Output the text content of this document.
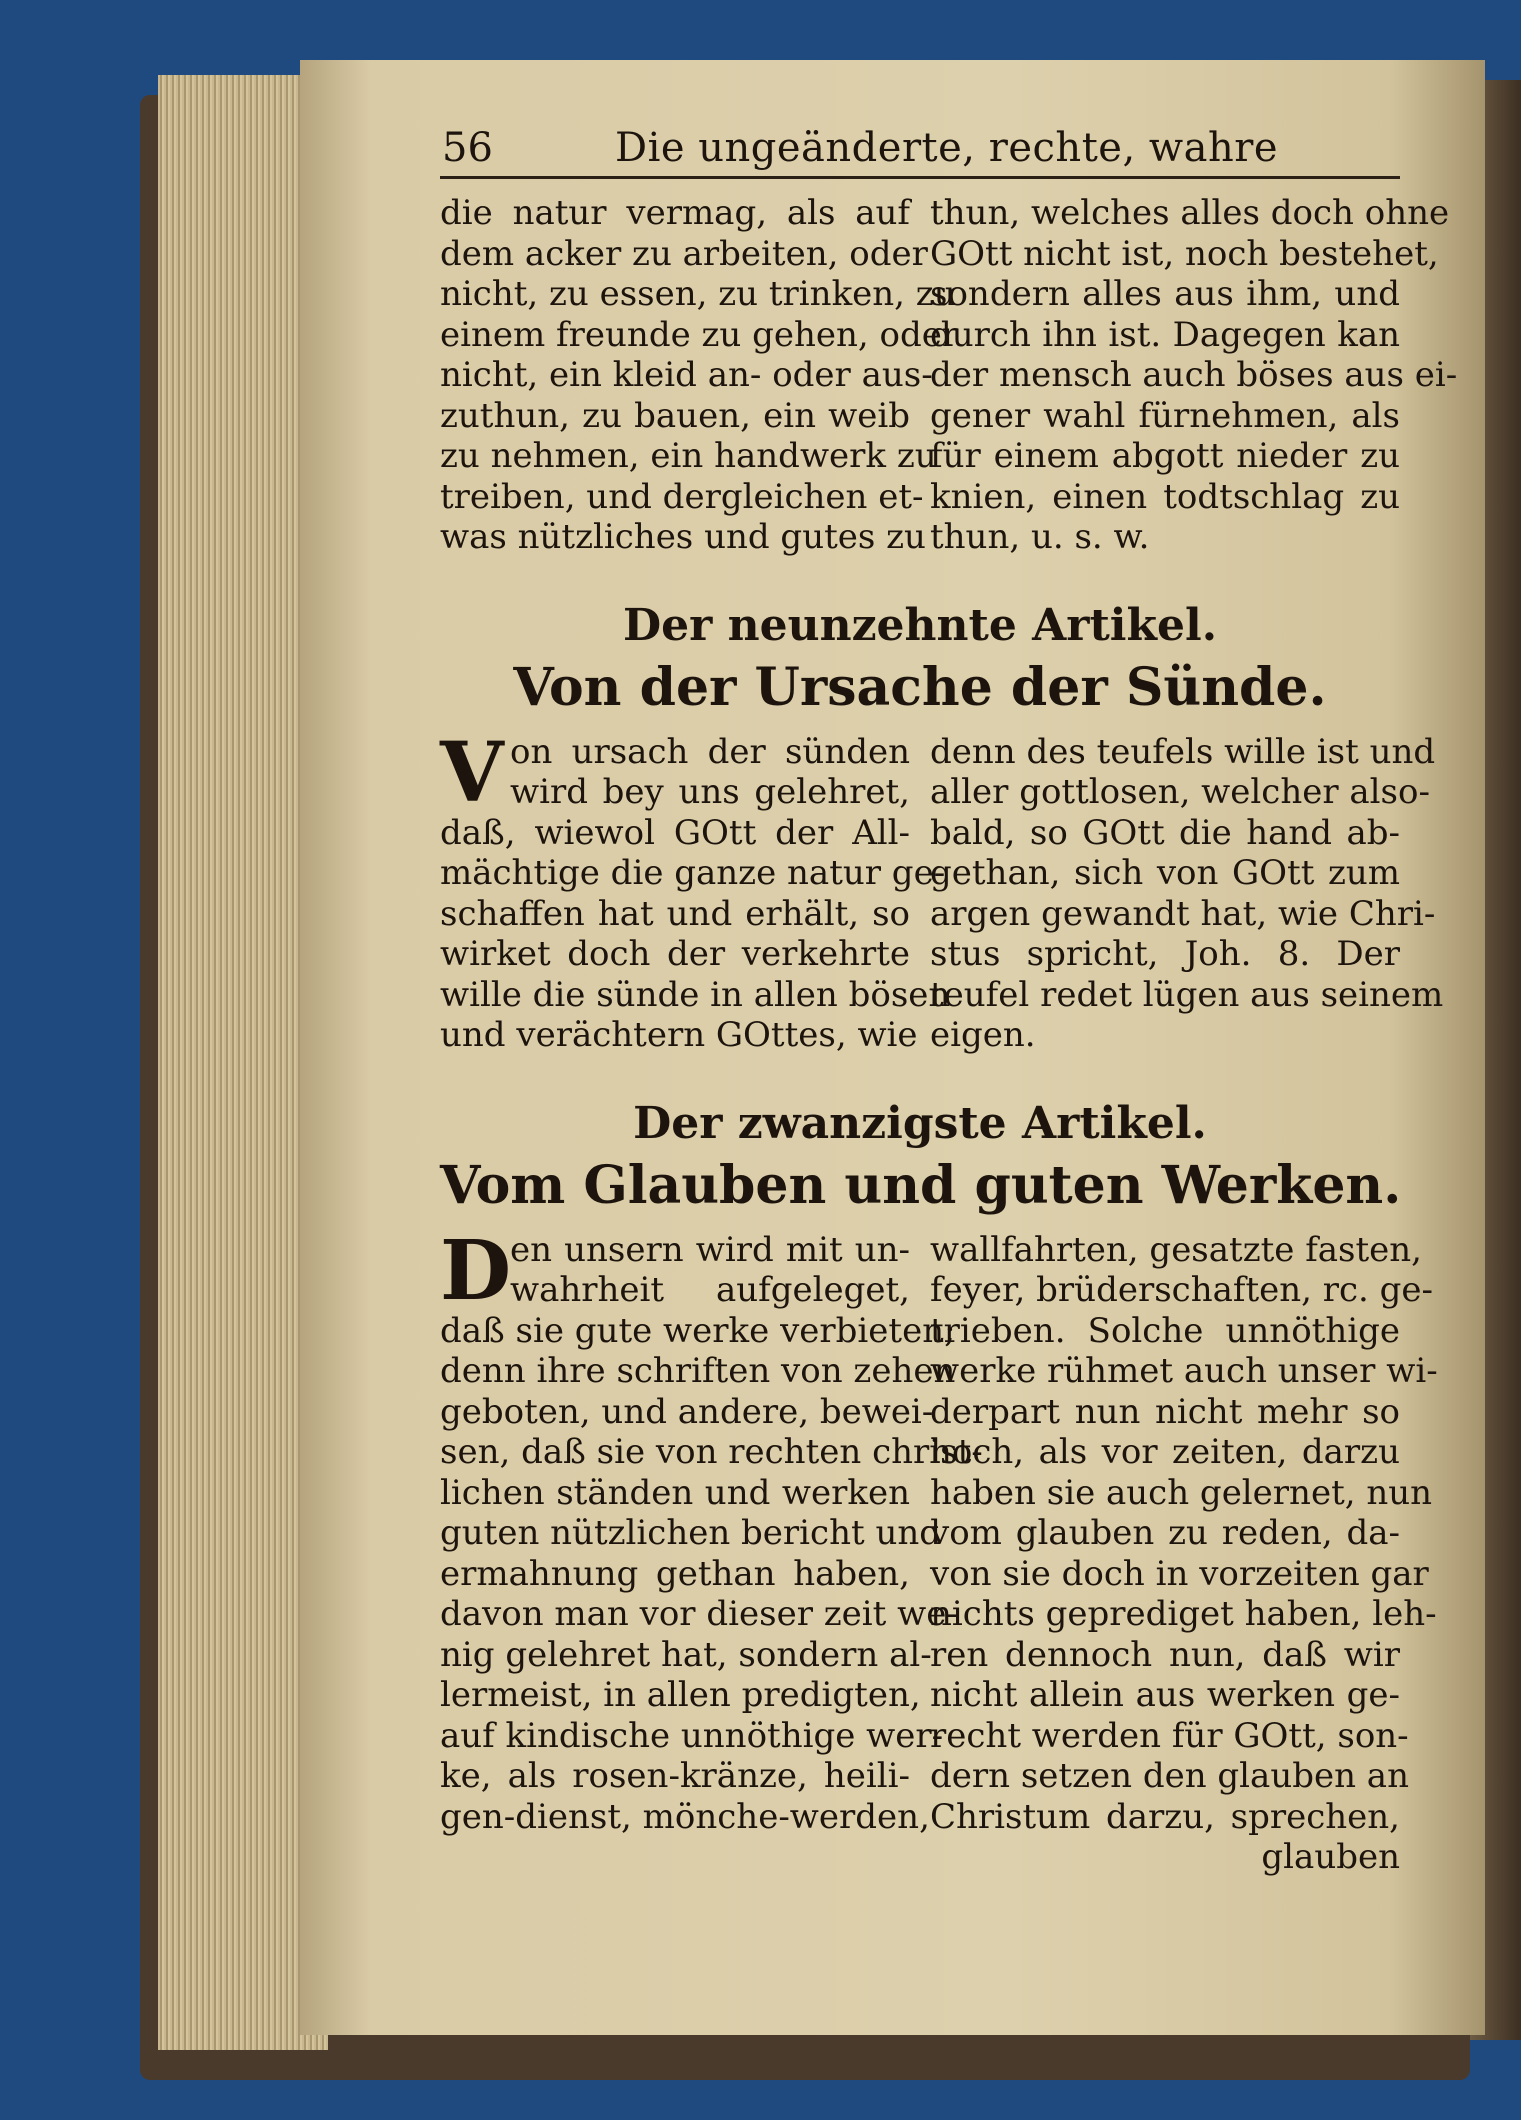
56	Die ungeänderte, rechte, wahre
die natur vermag, als auf
dem acker zu arbeiten, oder
nicht, zu essen, zu trinken, zu
einem freunde zu gehen, oder
nicht, ein kleid an- oder aus-
zuthun, zu bauen, ein weib
zu nehmen, ein handwerk zu
treiben, und dergleichen et-
was nützliches und gutes zu
thun, welches alles doch ohne
GOtt nicht ist, noch bestehet,
sondern alles aus ihm, und
durch ihn ist. Dagegen kan
der mensch auch böses aus ei-
gener wahl fürnehmen, als
für einem abgott nieder zu
knien, einen todtschlag zu
thun, u. s. w.
Der neunzehnte Artikel.
Von der Ursache der Sünde.
V on ursach der sünden
wird bey uns gelehret,
daß, wiewol GOtt der All-
mächtige die ganze natur ge-
schaffen hat und erhält, so
wirket doch der verkehrte
wille die sünde in allen bösen
und verächtern GOttes, wie
denn des teufels wille ist und
aller gottlosen, welcher also-
bald, so GOtt die hand ab-
gethan, sich von GOtt zum
argen gewandt hat, wie Chri-
stus spricht, Joh. 8. Der
teufel redet lügen aus seinem
eigen.
Der zwanzigste Artikel.
Vom Glauben und guten Werken.
D
en unsern wird mit un-
wahrheit aufgeleget,
daß sie gute werke verbieten;
denn ihre schriften von zehen
geboten, und andere, bewei-
sen, daß sie von rechten christ-
lichen ständen und werken
guten nützlichen bericht und
ermahnung gethan haben,
davon man vor dieser zeit we-
nig gelehret hat, sondern al-
lermeist, in allen predigten,
auf kindische unnöthige wer-
ke, als rosen-kränze, heili-
gen-dienst, mönche-werden,
wallfahrten, gesatzte fasten,
feyer, brüderschaften, rc. ge-
trieben. Solche unnöthige
werke rühmet auch unser wi-
derpart nun nicht mehr so
hoch, als vor zeiten, darzu
haben sie auch gelernet, nun
vom glauben zu reden, da-
von sie doch in vorzeiten gar
nichts geprediget haben, leh-
ren dennoch nun, daß wir
nicht allein aus werken ge-
recht werden für GOtt, son-
dern setzen den glauben an
Christum darzu, sprechen,
glauben
